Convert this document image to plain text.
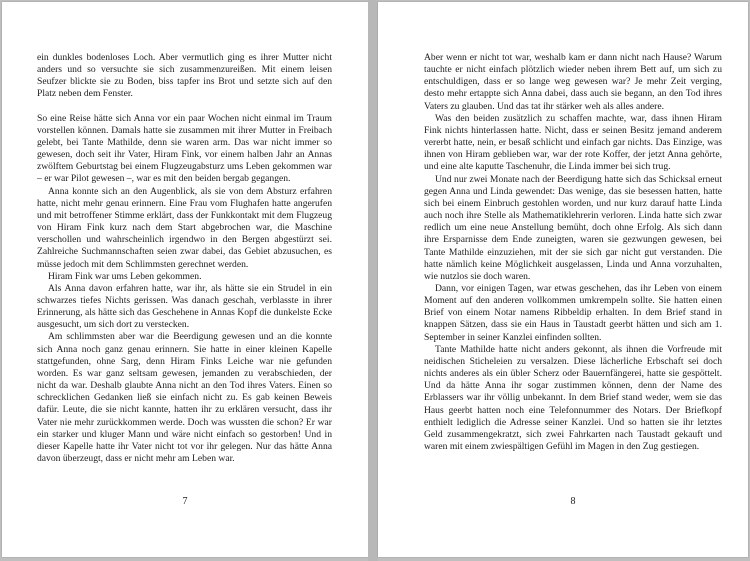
ein dunkles bodenloses Loch. Aber vermutlich ging es ihrer Mutter nicht anders und so versuchte sie sich zusammenzureißen. Mit einem leisen Seufzer blickte sie zu Boden, biss tapfer ins Brot und setzte sich auf den Platz neben dem Fenster.

So eine Reise hätte sich Anna vor ein paar Wochen nicht einmal im Traum vorstellen können. Damals hatte sie zusammen mit ihrer Mutter in Freibach gelebt, bei Tante Mathilde, denn sie waren arm. Das war nicht immer so gewesen, doch seit ihr Vater, Hiram Fink, vor einem halben Jahr an Annas zwölftem Geburtstag bei einem Flugzeugabsturz ums Leben gekommen war – er war Pilot gewesen –, war es mit den beiden bergab gegangen.

Anna konnte sich an den Augenblick, als sie von dem Absturz erfahren hatte, nicht mehr genau erinnern. Eine Frau vom Flughafen hatte angerufen und mit betroffener Stimme erklärt, dass der Funkkontakt mit dem Flugzeug von Hiram Fink kurz nach dem Start abgebrochen war, die Maschine verschollen und wahrscheinlich irgendwo in den Bergen abgestürzt sei. Zahlreiche Suchmannschaften seien zwar dabei, das Gebiet abzusuchen, es müsse jedoch mit dem Schlimmsten gerechnet werden.

Hiram Fink war ums Leben gekommen.

Als Anna davon erfahren hatte, war ihr, als hätte sie ein Strudel in ein schwarzes tiefes Nichts gerissen. Was danach geschah, verblasste in ihrer Erinnerung, als hätte sich das Geschehene in Annas Kopf die dunkelste Ecke ausgesucht, um sich dort zu verstecken.

Am schlimmsten aber war die Beerdigung gewesen und an die konnte sich Anna noch ganz genau erinnern. Sie hatte in einer kleinen Kapelle stattgefunden, ohne Sarg, denn Hiram Finks Leiche war nie gefunden worden. Es war ganz seltsam gewesen, jemanden zu verabschieden, der nicht da war. Deshalb glaubte Anna nicht an den Tod ihres Vaters. Einen so schrecklichen Gedanken ließ sie einfach nicht zu. Es gab keinen Beweis dafür. Leute, die sie nicht kannte, hatten ihr zu erklären versucht, dass ihr Vater nie mehr zurückkommen werde. Doch was wussten die schon? Er war ein starker und kluger Mann und wäre nicht einfach so gestorben! Und in dieser Kapelle hatte ihr Vater nicht tot vor ihr gelegen. Nur das hätte Anna davon überzeugt, dass er nicht mehr am Leben war.

7

Aber wenn er nicht tot war, weshalb kam er dann nicht nach Hause? Warum tauchte er nicht einfach plötzlich wieder neben ihrem Bett auf, um sich zu entschuldigen, dass er so lange weg gewesen war? Je mehr Zeit verging, desto mehr ertappte sich Anna dabei, dass auch sie begann, an den Tod ihres Vaters zu glauben. Und das tat ihr stärker weh als alles andere.

Was den beiden zusätzlich zu schaffen machte, war, dass ihnen Hiram Fink nichts hinterlassen hatte. Nicht, dass er seinen Besitz jemand anderem vererbt hatte, nein, er besaß schlicht und einfach gar nichts. Das Einzige, was ihnen von Hiram geblieben war, war der rote Koffer, der jetzt Anna gehörte, und eine alte kaputte Taschenuhr, die Linda immer bei sich trug.

Und nur zwei Monate nach der Beerdigung hatte sich das Schicksal erneut gegen Anna und Linda gewendet: Das wenige, das sie besessen hatten, hatte sich bei einem Einbruch gestohlen worden, und nur kurz darauf hatte Linda auch noch ihre Stelle als Mathematiklehrerin verloren. Linda hatte sich zwar redlich um eine neue Anstellung bemüht, doch ohne Erfolg. Als sich dann ihre Ersparnisse dem Ende zuneigten, waren sie gezwungen gewesen, bei Tante Mathilde einzuziehen, mit der sie sich gar nicht gut verstanden. Die hatte nämlich keine Möglichkeit ausgelassen, Linda und Anna vorzuhalten, wie nutzlos sie doch waren.

Dann, vor einigen Tagen, war etwas geschehen, das ihr Leben von einem Moment auf den anderen vollkommen umkrempeln sollte. Sie hatten einen Brief von einem Notar namens Ribbeldip erhalten. In dem Brief stand in knappen Sätzen, dass sie ein Haus in Taustadt geerbt hätten und sich am 1. September in seiner Kanzlei einfinden sollten.

Tante Mathilde hatte nicht anders gekonnt, als ihnen die Vorfreude mit neidischen Sticheleien zu versalzen. Diese lächerliche Erbschaft sei doch nichts anderes als ein übler Scherz oder Bauernfängerei, hatte sie gespöttelt. Und da hätte Anna ihr sogar zustimmen können, denn der Name des Erblassers war ihr völlig unbekannt. In dem Brief stand weder, wem sie das Haus geerbt hatten noch eine Telefonnummer des Notars. Der Briefkopf enthielt lediglich die Adresse seiner Kanzlei. Und so hatten sie ihr letztes Geld zusammengekratzt, sich zwei Fahrkarten nach Taustadt gekauft und waren mit einem zwiespältigen Gefühl im Magen in den Zug gestiegen.

8
